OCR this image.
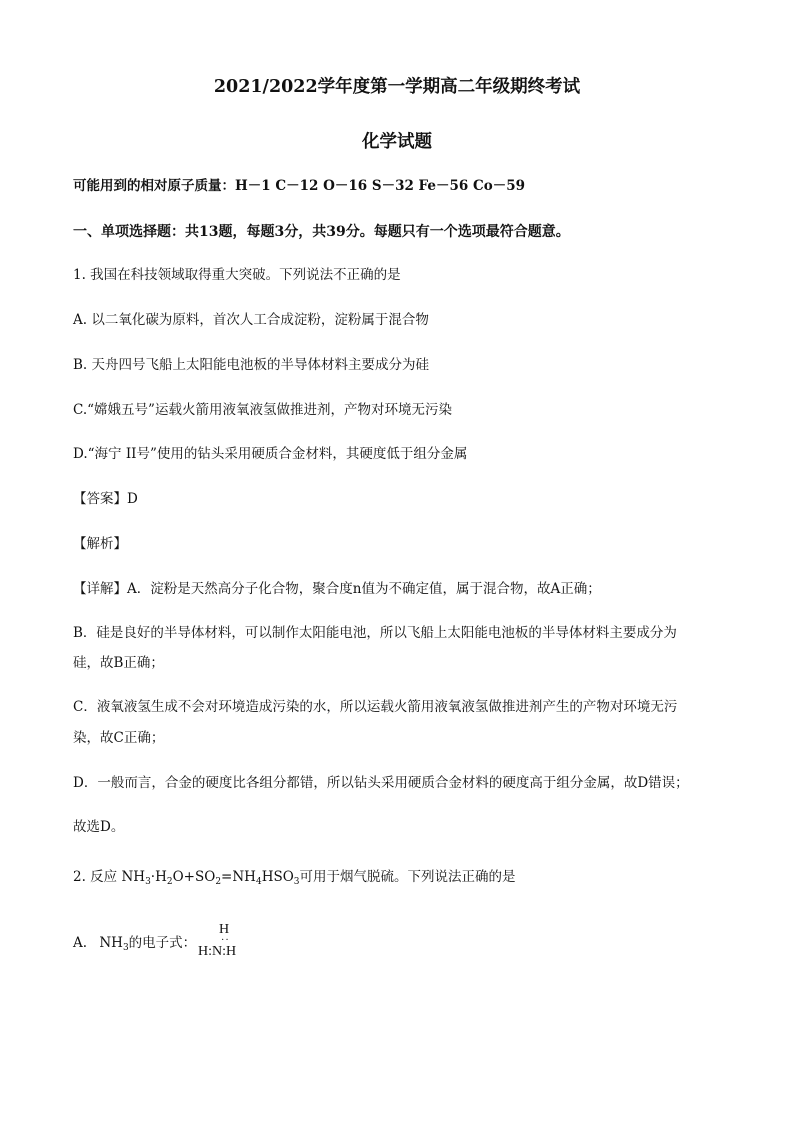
2021/2022学年度第一学期高二年级期终考试
化学试题
可能用到的相对原子质量：H－1 C－12 O－16 S－32 Fe－56 Co－59
一、单项选择题：共13题，每题3分，共39分。每题只有一个选项最符合题意。
1. 我国在科技领域取得重大突破。下列说法不正确的是
A. 以二氧化碳为原料，首次人工合成淀粉，淀粉属于混合物
B. 天舟四号飞船上太阳能电池板的半导体材料主要成分为硅
C.“嫦娥五号”运载火箭用液氧液氢做推进剂，产物对环境无污染
D.“海宁 II号”使用的钻头采用硬质合金材料，其硬度低于组分金属
【答案】D
【解析】
【详解】A．淀粉是天然高分子化合物，聚合度n值为不确定值，属于混合物，故A正确；
B．硅是良好的半导体材料，可以制作太阳能电池，所以飞船上太阳能电池板的半导体材料主要成分为
硅，故B正确；
C．液氧液氢生成不会对环境造成污染的水，所以运载火箭用液氧液氢做推进剂产生的产物对环境无污
染，故C正确；
D．一般而言，合金的硬度比各组分都错，所以钻头采用硬质合金材料的硬度高于组分金属，故D错误；
故选D。
2. 反应 $NH_3\cdot H_2O+SO_2=NH_4HSO_3$可用于烟气脱硫。下列说法正确的是
A. $NH_3$的电子式：
H
··
H:N:H
